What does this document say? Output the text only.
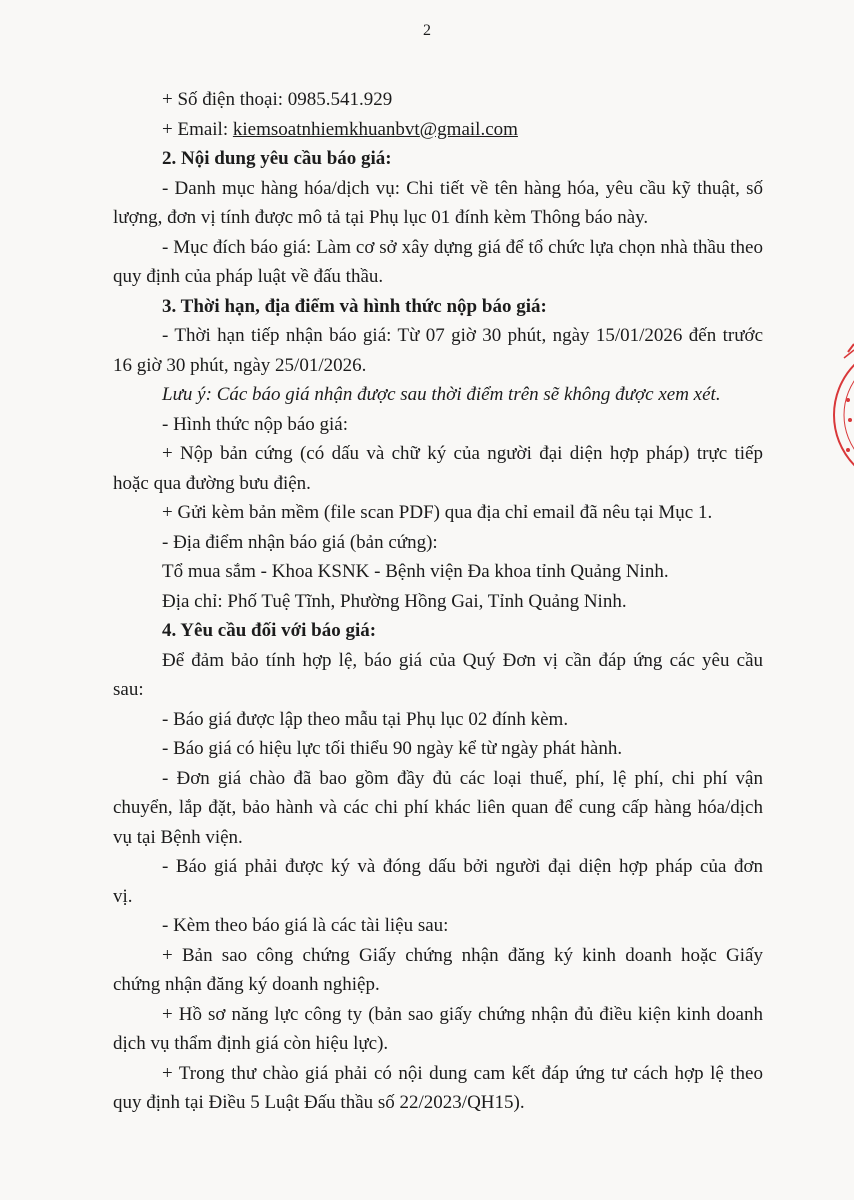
2

+ Số điện thoại: 0985.541.929

+ Email: kiemsoatnhiemkhuanbvt@gmail.com

2. Nội dung yêu cầu báo giá:

- Danh mục hàng hóa/dịch vụ: Chi tiết về tên hàng hóa, yêu cầu kỹ thuật, số

lượng, đơn vị tính được mô tả tại Phụ lục 01 đính kèm Thông báo này.

- Mục đích báo giá: Làm cơ sở xây dựng giá để tổ chức lựa chọn nhà thầu theo

quy định của pháp luật về đấu thầu.

3. Thời hạn, địa điểm và hình thức nộp báo giá:

- Thời hạn tiếp nhận báo giá: Từ 07 giờ 30 phút, ngày 15/01/2026 đến trước

16 giờ 30 phút, ngày 25/01/2026.

Lưu ý: Các báo giá nhận được sau thời điểm trên sẽ không được xem xét.

- Hình thức nộp báo giá:

+ Nộp bản cứng (có dấu và chữ ký của người đại diện hợp pháp) trực tiếp

hoặc qua đường bưu điện.

+ Gửi kèm bản mềm (file scan PDF) qua địa chỉ email đã nêu tại Mục 1.

- Địa điểm nhận báo giá (bản cứng):

Tổ mua sắm - Khoa KSNK - Bệnh viện Đa khoa tỉnh Quảng Ninh.

Địa chỉ: Phố Tuệ Tĩnh, Phường Hồng Gai, Tỉnh Quảng Ninh.

4. Yêu cầu đối với báo giá:

Để đảm bảo tính hợp lệ, báo giá của Quý Đơn vị cần đáp ứng các yêu cầu

sau:

- Báo giá được lập theo mẫu tại Phụ lục 02 đính kèm.

- Báo giá có hiệu lực tối thiểu 90 ngày kể từ ngày phát hành.

- Đơn giá chào đã bao gồm đầy đủ các loại thuế, phí, lệ phí, chi phí vận

chuyển, lắp đặt, bảo hành và các chi phí khác liên quan để cung cấp hàng hóa/dịch

vụ tại Bệnh viện.

- Báo giá phải được ký và đóng dấu bởi người đại diện hợp pháp của đơn

vị.

- Kèm theo báo giá là các tài liệu sau:

+ Bản sao công chứng Giấy chứng nhận đăng ký kinh doanh hoặc Giấy

chứng nhận đăng ký doanh nghiệp.

+ Hồ sơ năng lực công ty (bản sao giấy chứng nhận đủ điều kiện kinh doanh

dịch vụ thẩm định giá còn hiệu lực).

+ Trong thư chào giá phải có nội dung cam kết đáp ứng tư cách hợp lệ theo

quy định tại Điều 5 Luật Đấu thầu số 22/2023/QH15).
